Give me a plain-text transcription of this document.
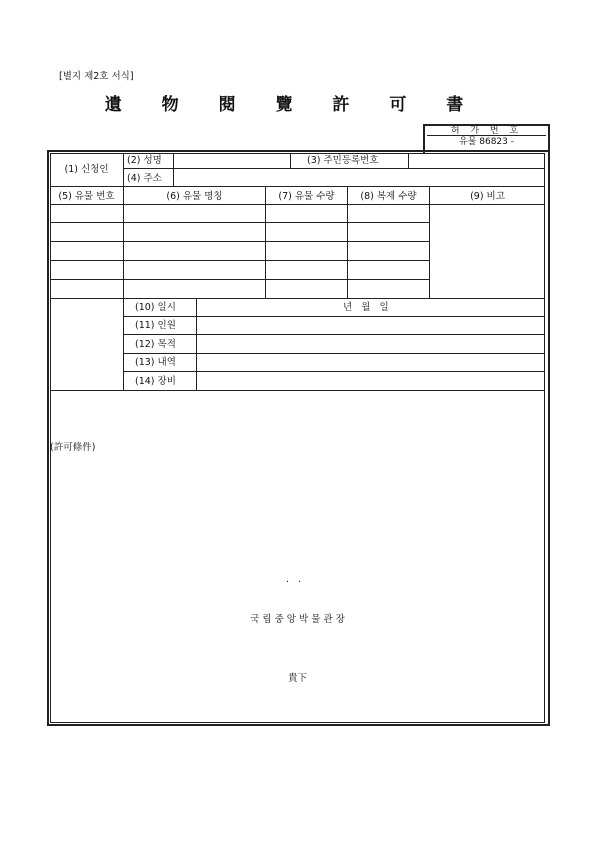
[별지 제2호 서식]
遺 物 閱 覽 許 可 書
허 가 번 호
유물 86823 -
(1) 신청인
(2) 성명	(3) 주민등록번호
(4) 주소
(5) 유물 번호	(6) 유물 명칭	(7) 유물 수량	(8) 복제 수량	(9) 비고
(10) 일시	년   월   일
(11) 인원
(12) 목적
(13) 내역
(14) 장비
(許可條件)
.   .
국 립 중 앙 박 물 관 장
貴下
